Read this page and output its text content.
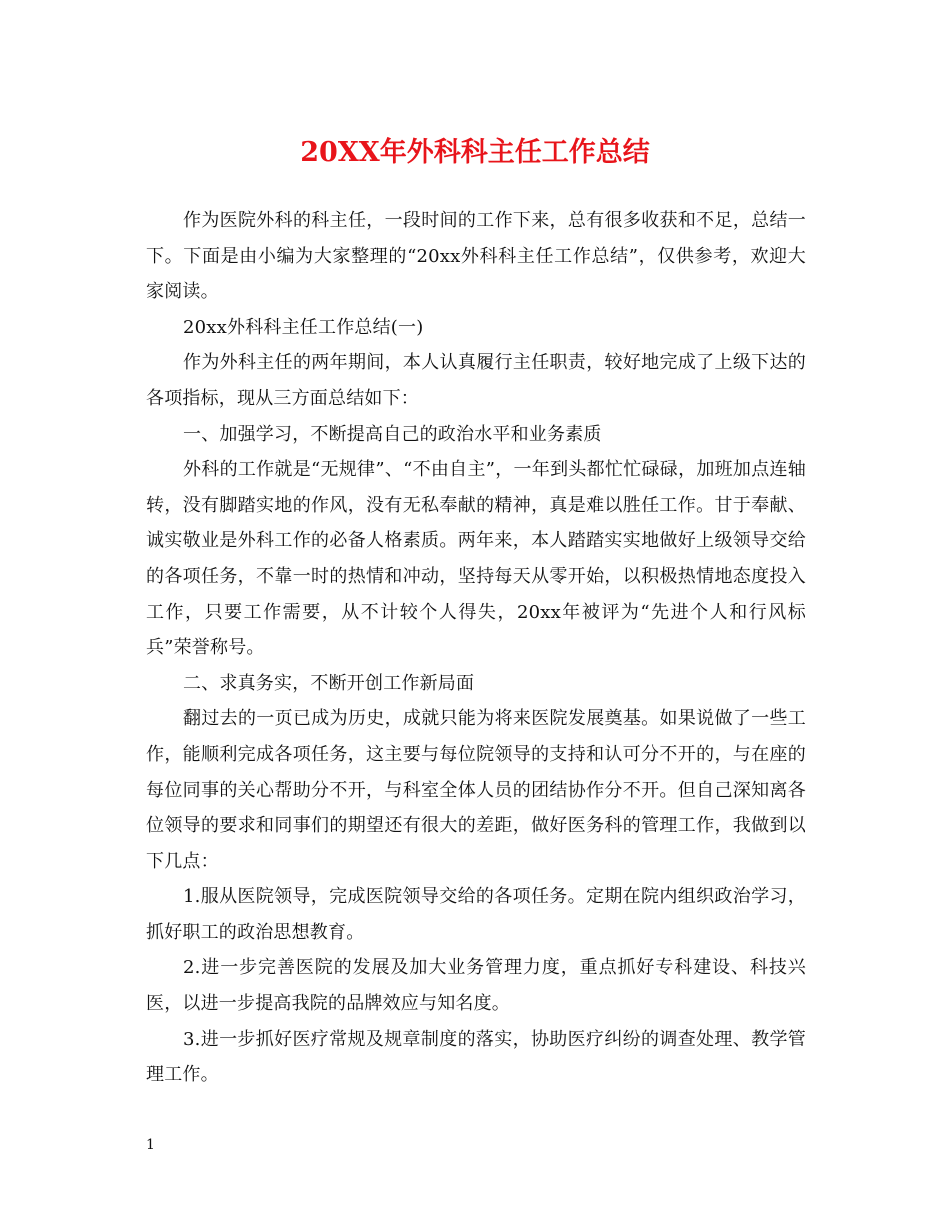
20XX年外科科主任工作总结

作为医院外科的科主任，一段时间的工作下来，总有很多收获和不足，总结一下。下面是由小编为大家整理的“20xx外科科主任工作总结”，仅供参考，欢迎大家阅读。

20xx外科科主任工作总结(一)

作为外科主任的两年期间，本人认真履行主任职责，较好地完成了上级下达的各项指标，现从三方面总结如下：

一、加强学习，不断提高自己的政治水平和业务素质

外科的工作就是“无规律”、“不由自主”，一年到头都忙忙碌碌，加班加点连轴转，没有脚踏实地的作风，没有无私奉献的精神，真是难以胜任工作。甘于奉献、诚实敬业是外科工作的必备人格素质。两年来，本人踏踏实实地做好上级领导交给的各项任务，不靠一时的热情和冲动，坚持每天从零开始，以积极热情地态度投入工作，只要工作需要，从不计较个人得失，20xx年被评为“先进个人和行风标兵”荣誉称号。

二、求真务实，不断开创工作新局面

翻过去的一页已成为历史，成就只能为将来医院发展奠基。如果说做了一些工作，能顺利完成各项任务，这主要与每位院领导的支持和认可分不开的，与在座的每位同事的关心帮助分不开，与科室全体人员的团结协作分不开。但自己深知离各位领导的要求和同事们的期望还有很大的差距，做好医务科的管理工作，我做到以下几点：

1.服从医院领导，完成医院领导交给的各项任务。定期在院内组织政治学习，抓好职工的政治思想教育。

2.进一步完善医院的发展及加大业务管理力度，重点抓好专科建设、科技兴医，以进一步提高我院的品牌效应与知名度。

3.进一步抓好医疗常规及规章制度的落实，协助医疗纠纷的调查处理、教学管理工作。

1
